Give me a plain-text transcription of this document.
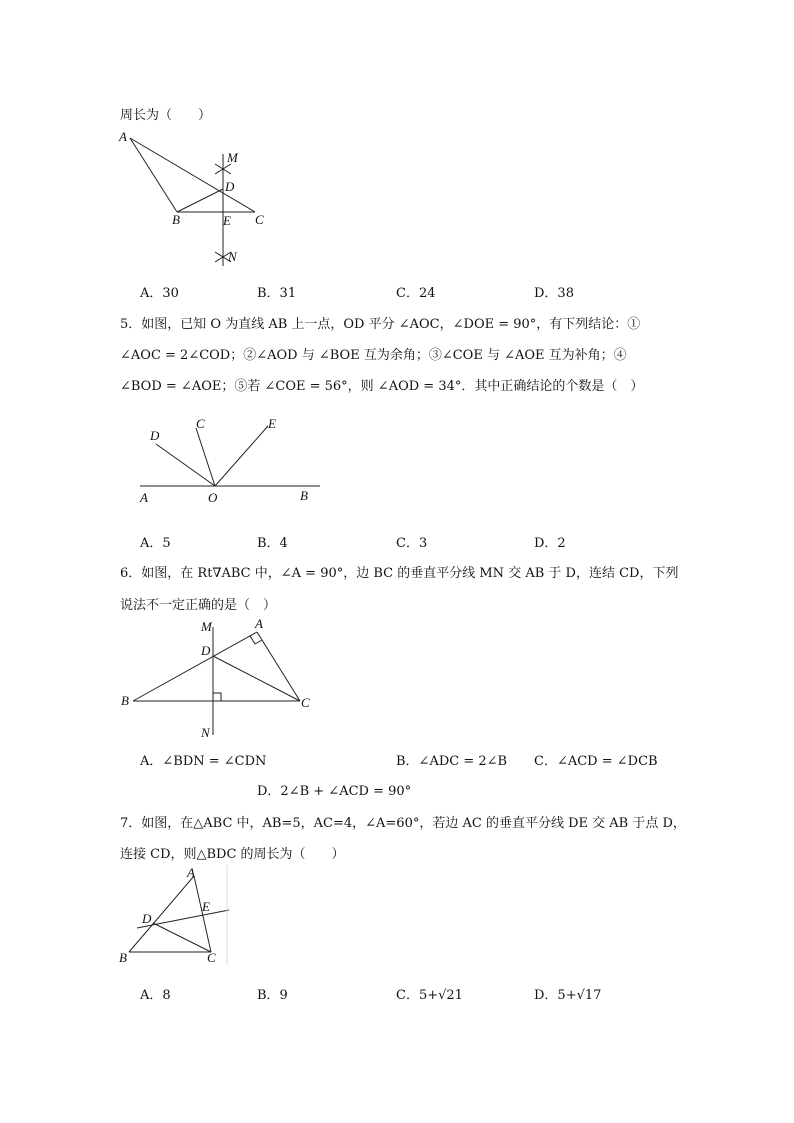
周长为（　　）
A
M
D
B	E C
N
A．30	B．31	C．24	D．38
5．如图，已知 O 为直线 AB 上一点，OD 平分 ∠AOC，∠DOE = 90°，有下列结论：①
∠AOC = 2∠COD；②∠AOD 与 ∠BOE 互为余角；③∠COE 与 ∠AOE 互为补角；④
∠BOD = ∠AOE；⑤若 ∠COE = 56°，则 ∠AOD = 34°．其中正确结论的个数是（　）
D
C	E
A	O	B
A．5	B．4	C．3	D．2
6．如图，在 Rt∇ABC 中，∠A = 90°，边 BC 的垂直平分线 MN 交 AB 于 D，连结 CD，下列
说法不一定正确的是（　）
M	A
D
B	C
N
A．∠BDN = ∠CDN	B．∠ADC = 2∠B C．∠ACD = ∠DCB
D．2∠B + ∠ACD = 90°
7．如图，在△ABC 中，AB=5，AC=4，∠A=60°，若边 AC 的垂直平分线 DE 交 AB 于点 D，
连接 CD，则△BDC 的周长为（　　）
A
D
E
B	C
A．8	B．9	C．5+√21	D．5+√17
